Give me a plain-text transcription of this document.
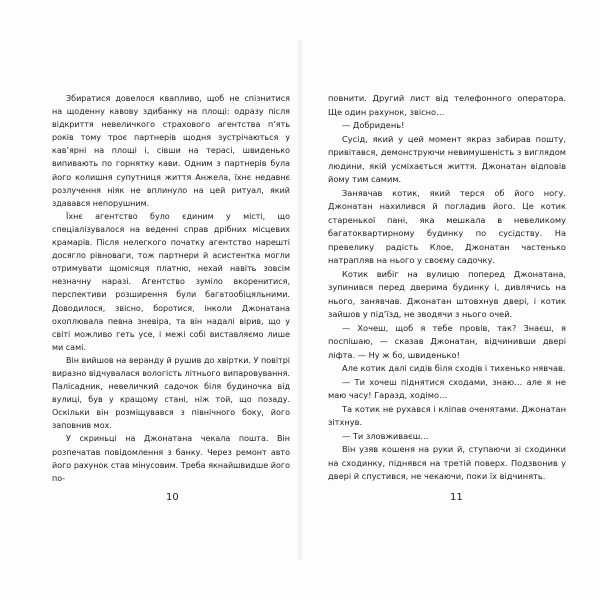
Збиратися довелося квапливо, щоб не спізнитися на щоденну кавову здибанку на площі: одразу після відкриття невеличкого страхового агентства п’ять років тому троє партнерів щодня зустрічаються у кав’ярні на площі і, сівши на терасі, швиденько випивають по горнятку кави. Одним з партнерів була його колишня супутниця життя Анжела, їхнє недавнє розлучення ніяк не вплинуло на цей ритуал, який здавався непорушним.

Їхнє агентство було єдиним у місті, що спеціалізувалося на веденні справ дрібних місцевих крамарів. Після нелегкого початку агентство нарешті досягло рівноваги, тож партнери й асистентка могли отримувати щомісяця платню, нехай навіть зовсім незначну наразі. Агентство зуміло вкоренитися, перспективи розширення були багатообіцяльними. Доводилося, звісно, боротися, інколи Джонатана охоплювала певна зневіра, та він надалі вірив, що у світі можливо геть усе, і межі собі виставляємо лише ми самі.

Він вийшов на веранду й рушив до хвіртки. У повітрі виразно відчувалася вологість літнього випаровування. Палісадник, невеличкий садочок біля будиночка від вулиці, був у кращому стані, ніж той, що позаду. Оскільки він розміщувався з північного боку, його заповнив мох.

У скриньці на Джонатана чекала пошта. Він розпечатав повідомлення з банку. Через ремонт авто його рахунок став мінусовим. Треба якнайшвидше його по-

10

повнити. Другий лист від телефонного оператора. Ще один рахунок, звісно…

— Добридень!

Сусід, який у цей момент якраз забирав пошту, привітався, демонструючи невимушеність з виглядом людини, якій усміхається життя. Джонатан відповів йому тим самим.

Занявчав котик, який терся об його ногу. Джонатан нахилився й погладив його. Це котик старенької пані, яка мешкала в невеликому багатоквартирному будинку по сусідству. На превелику радість Клое, Джонатан частенько натрапляв на нього у своєму садочку.

Котик вибіг на вулицю поперед Джонатана, зупинився перед дверима будинку і, дивлячись на нього, занявчав. Джонатан штовхнув двері, і котик зайшов у під’їзд, не зводячи з нього очей.

— Хочеш, щоб я тебе провів, так? Знаєш, я поспішаю, — сказав Джонатан, відчинивши двері ліфта. — Ну ж бо, швиденько!

Але котик далі сидів біля сходів і тихенько нявчав.

— Ти хочеш піднятися сходами, знаю… але я не маю часу! Гаразд, ходімо…

Та котик не рухався і кліпав оченятами. Джонатан зітхнув.

— Ти зловживаєш…

Він узяв кошеня на руки й, ступаючи зі сходинки на сходинку, піднявся на третій поверх. Подзвонив у двері й спустився, не чекаючи, поки їх відчинять.

11
